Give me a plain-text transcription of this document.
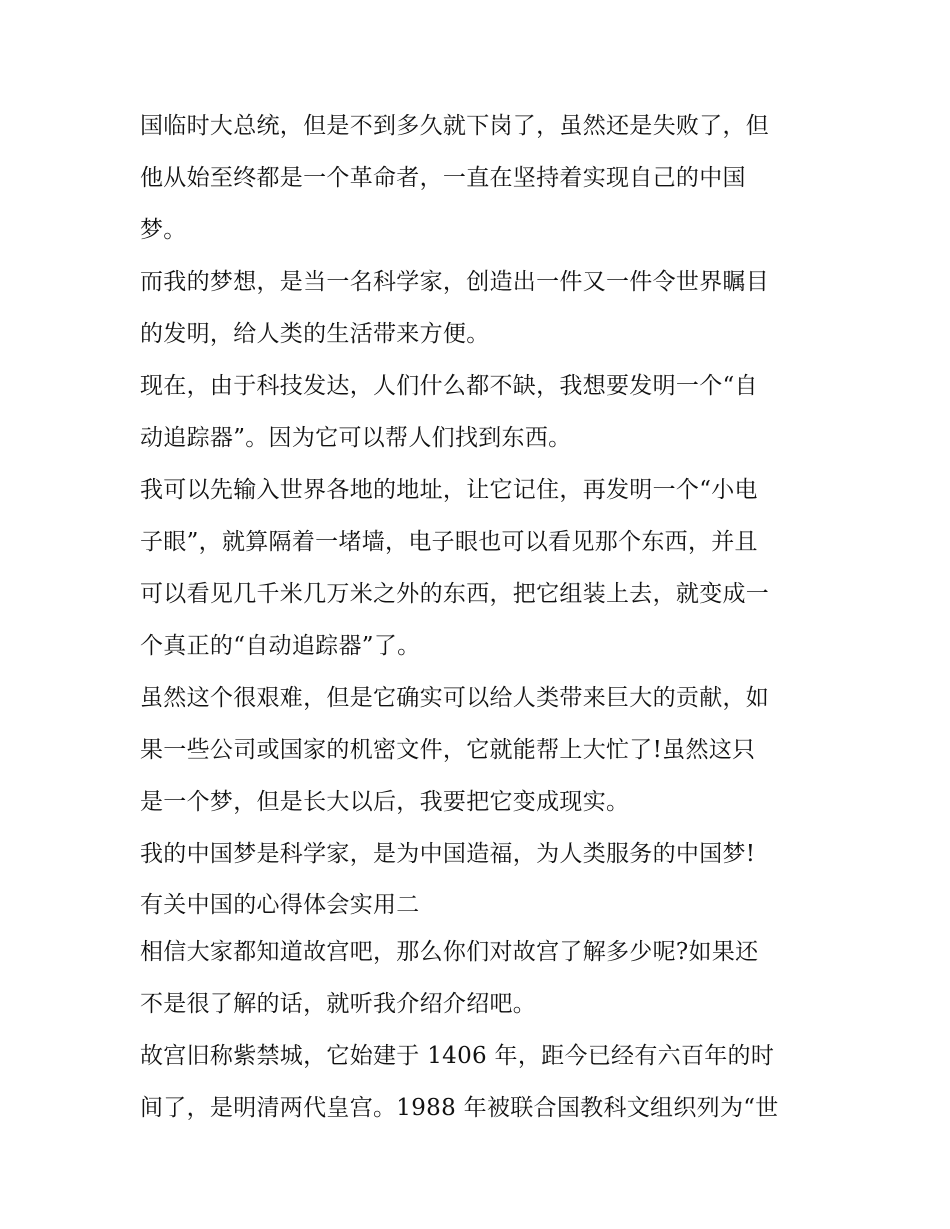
国临时大总统，但是不到多久就下岗了，虽然还是失败了，但
他从始至终都是一个革命者，一直在坚持着实现自己的中国
梦。

而我的梦想，是当一名科学家，创造出一件又一件令世界瞩目
的发明，给人类的生活带来方便。

现在，由于科技发达，人们什么都不缺，我想要发明一个“自
动追踪器”。因为它可以帮人们找到东西。

我可以先输入世界各地的地址，让它记住，再发明一个“小电
子眼”，就算隔着一堵墙，电子眼也可以看见那个东西，并且
可以看见几千米几万米之外的东西，把它组装上去，就变成一
个真正的“自动追踪器”了。

虽然这个很艰难，但是它确实可以给人类带来巨大的贡献，如
果一些公司或国家的机密文件，它就能帮上大忙了!虽然这只
是一个梦，但是长大以后，我要把它变成现实。

我的中国梦是科学家，是为中国造福，为人类服务的中国梦!

有关中国的心得体会实用二

相信大家都知道故宫吧，那么你们对故宫了解多少呢?如果还
不是很了解的话，就听我介绍介绍吧。

故宫旧称紫禁城，它始建于 1406 年，距今已经有六百年的时
间了，是明清两代皇宫。1988 年被联合国教科文组织列为“世
